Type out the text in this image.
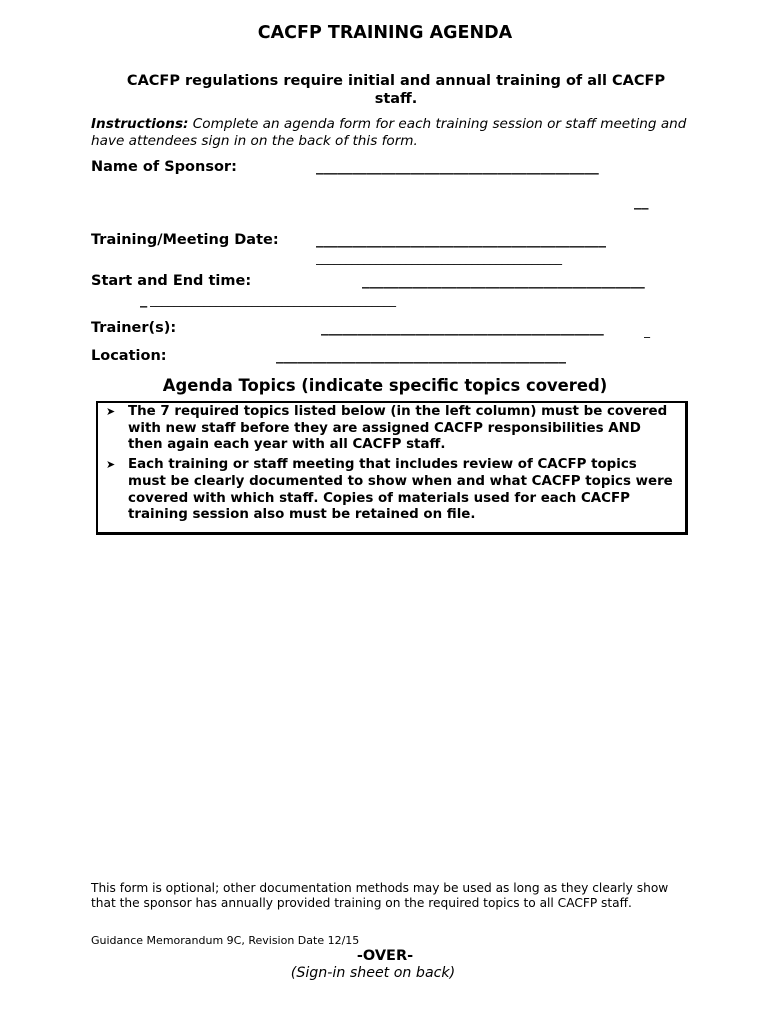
CACFP TRAINING AGENDA
CACFP regulations require initial and annual training of all CACFP staff.
Instructions: Complete an agenda form for each training session or staff meeting and have attendees sign in on the back of this form.
Name of Sponsor:	_______________________________________
__
Training/Meeting Date:	________________________________________
_________________________________________
Start and End time:	_______________________________________
_ _________________________________________
Trainer(s):	_______________________________________	_
Location:	________________________________________
Agenda Topics (indicate specific topics covered)
➤ The 7 required topics listed below (in the left column) must be covered with new staff before they are assigned CACFP responsibilities AND then again each year with all CACFP staff.
➤ Each training or staff meeting that includes review of CACFP topics must be clearly documented to show when and what CACFP topics were covered with which staff. Copies of materials used for each CACFP training session also must be retained on file.
This form is optional; other documentation methods may be used as long as they clearly show that the sponsor has annually provided training on the required topics to all CACFP staff.
Guidance Memorandum 9C, Revision Date 12/15
-OVER-
(Sign-in sheet on back)
